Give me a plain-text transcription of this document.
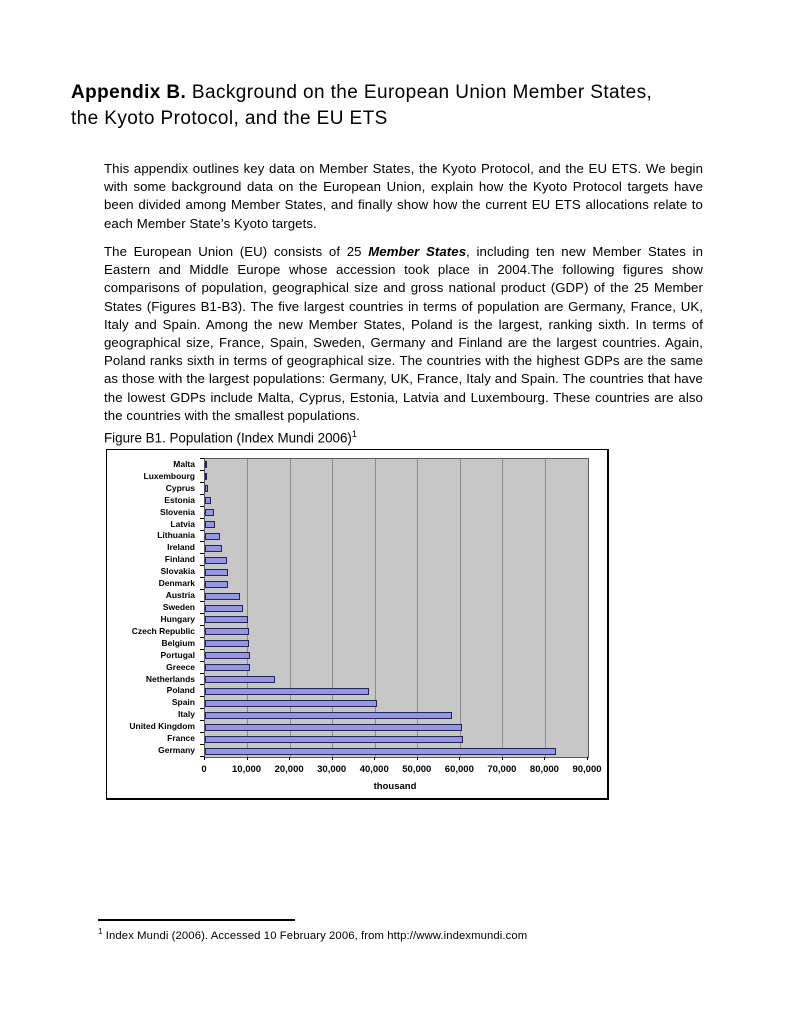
Appendix B. Background on the European Union Member States,
the Kyoto Protocol, and the EU ETS

This appendix outlines key data on Member States, the Kyoto Protocol, and the EU ETS. We begin with some background data on the European Union, explain how the Kyoto Protocol targets have been divided among Member States, and finally show how the current EU ETS allocations relate to each Member State’s Kyoto targets.

The European Union (EU) consists of 25 Member States, including ten new Member States in Eastern and Middle Europe whose accession took place in 2004.The following figures show comparisons of population, geographical size and gross national product (GDP) of the 25 Member States (Figures B1-B3). The five largest countries in terms of population are Germany, France, UK, Italy and Spain. Among the new Member States, Poland is the largest, ranking sixth. In terms of geographical size, France, Spain, Sweden, Germany and Finland are the largest countries. Again, Poland ranks sixth in terms of geographical size. The countries with the highest GDPs are the same as those with the largest populations: Germany, UK, France, Italy and Spain. The countries that have the lowest GDPs include Malta, Cyprus, Estonia, Latvia and Luxembourg. These countries are also the countries with the smallest populations.

Figure B1. Population (Index Mundi 2006)$^1$
Malta
Luxembourg
Cyprus
Estonia
Slovenia
Latvia
Lithuania
Ireland
Finland
Slovakia
Denmark
Austria
Sweden
Hungary
Czech Republic
Belgium
Portugal
Greece
Netherlands
Poland
Spain
Italy
United Kingdom
France
Germany
0	10,000 20,000 30,000 40,000 50,000 60,000 70,000 80,000 90,000
thousand
$^1$ Index Mundi (2006). Accessed 10 February 2006, from http://www.indexmundi.com
